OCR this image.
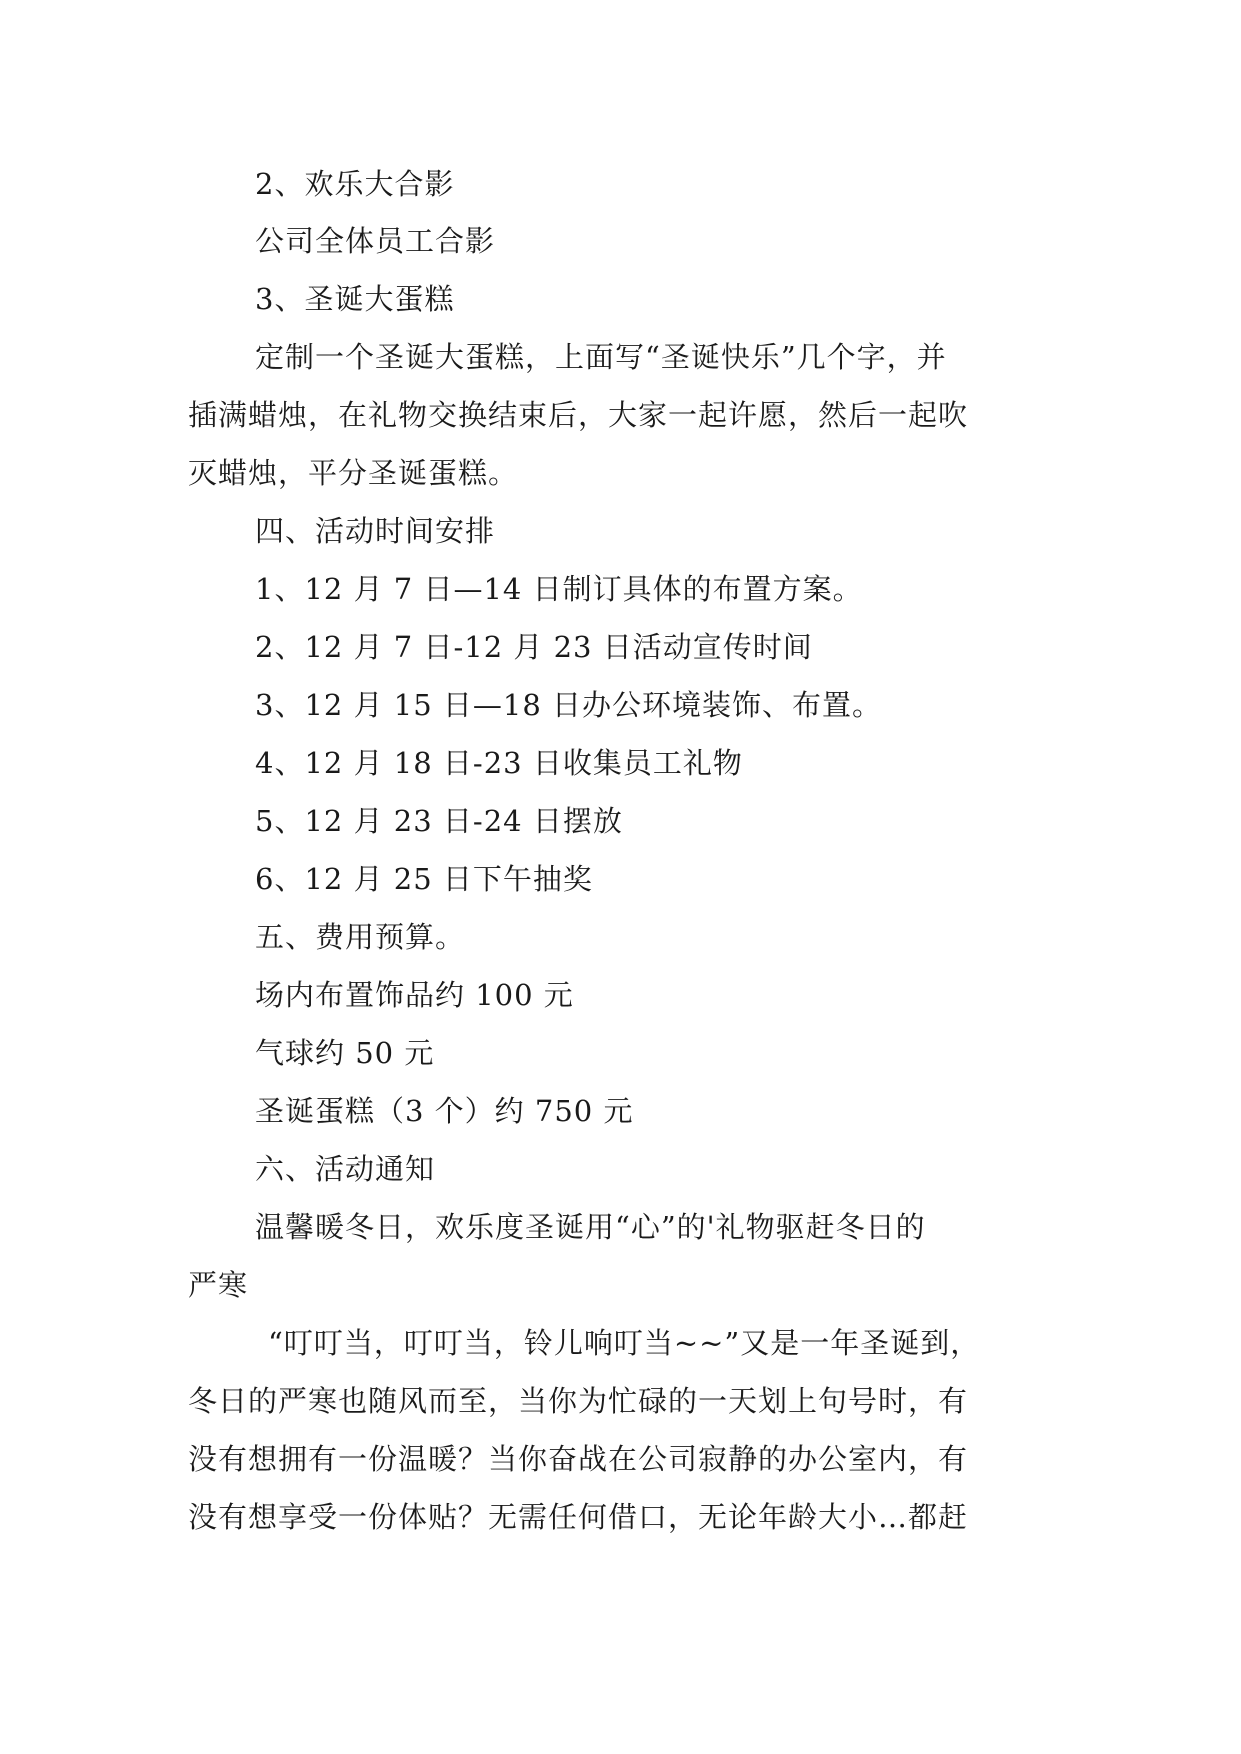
2、欢乐大合影
公司全体员工合影
3、圣诞大蛋糕
定制一个圣诞大蛋糕，上面写“圣诞快乐”几个字，并
插满蜡烛，在礼物交换结束后，大家一起许愿，然后一起吹
灭蜡烛，平分圣诞蛋糕。
四、活动时间安排
1、12 月 7 日—14 日制订具体的布置方案。
2、12 月 7 日-12 月 23 日活动宣传时间
3、12 月 15 日—18 日办公环境装饰、布置。
4、12 月 18 日-23 日收集员工礼物
5、12 月 23 日-24 日摆放
6、12 月 25 日下午抽奖
五、费用预算。
场内布置饰品约 100 元
气球约 50 元
圣诞蛋糕（3 个）约 750 元
六、活动通知
温馨暖冬日，欢乐度圣诞用“心”的'礼物驱赶冬日的
严寒
“叮叮当，叮叮当，铃儿响叮当~~”又是一年圣诞到，
冬日的严寒也随风而至，当你为忙碌的一天划上句号时，有
没有想拥有一份温暖？当你奋战在公司寂静的办公室内，有
没有想享受一份体贴？无需任何借口，无论年龄大小…都赶
